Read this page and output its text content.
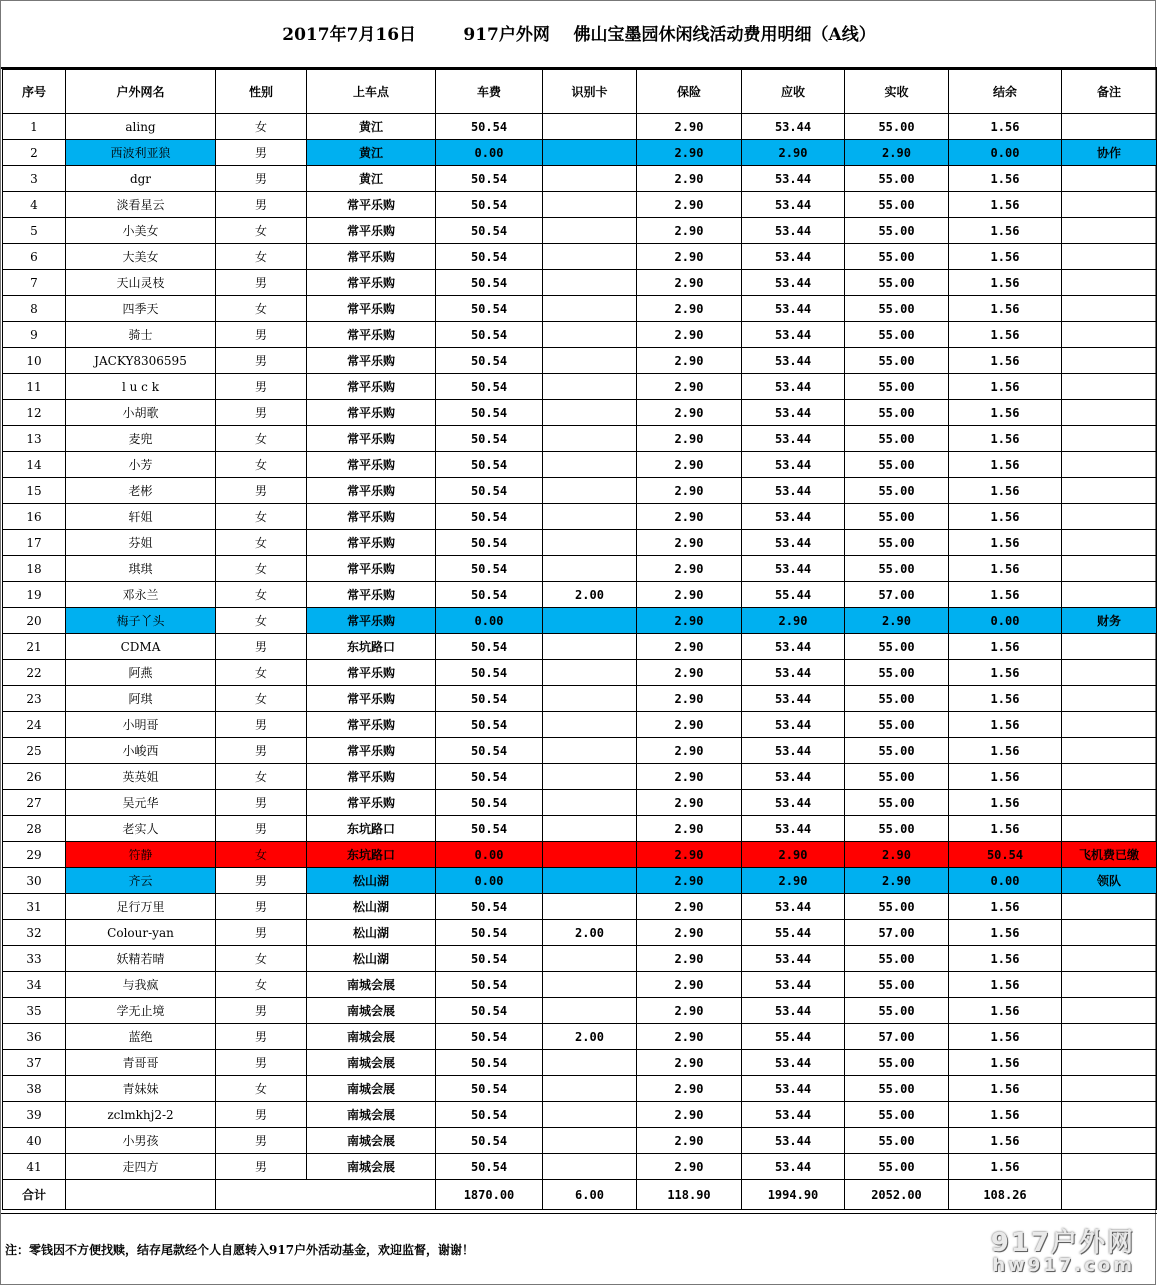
2017年7月16日        917户外网    佛山宝墨园休闲线活动费用明细（A线）
序号	户外网名	性别	上车点	车费	识别卡	保险	应收	实收	结余	备注
1	aling	女	黄江	50.54		2.90	53.44	55.00	1.56	
2	西波利亚狼	男	黄江	0.00		2.90	2.90	2.90	0.00	协作
3	dgr	男	黄江	50.54		2.90	53.44	55.00	1.56	
4	淡看星云	男	常平乐购	50.54		2.90	53.44	55.00	1.56	
5	小美女	女	常平乐购	50.54		2.90	53.44	55.00	1.56	
6	大美女	女	常平乐购	50.54		2.90	53.44	55.00	1.56	
7	天山灵枝	男	常平乐购	50.54		2.90	53.44	55.00	1.56	
8	四季天	女	常平乐购	50.54		2.90	53.44	55.00	1.56	
9	骑士	男	常平乐购	50.54		2.90	53.44	55.00	1.56	
10	JACKY8306595	男	常平乐购	50.54		2.90	53.44	55.00	1.56	
11	l u c k	男	常平乐购	50.54		2.90	53.44	55.00	1.56	
12	小胡歌	男	常平乐购	50.54		2.90	53.44	55.00	1.56	
13	麦兜	女	常平乐购	50.54		2.90	53.44	55.00	1.56	
14	小芳	女	常平乐购	50.54		2.90	53.44	55.00	1.56	
15	老彬	男	常平乐购	50.54		2.90	53.44	55.00	1.56	
16	轩姐	女	常平乐购	50.54		2.90	53.44	55.00	1.56	
17	芬姐	女	常平乐购	50.54		2.90	53.44	55.00	1.56	
18	琪琪	女	常平乐购	50.54		2.90	53.44	55.00	1.56	
19	邓永兰	女	常平乐购	50.54	2.00	2.90	55.44	57.00	1.56	
20	梅子丫头	女	常平乐购	0.00		2.90	2.90	2.90	0.00	财务
21	CDMA	男	东坑路口	50.54		2.90	53.44	55.00	1.56	
22	阿燕	女	常平乐购	50.54		2.90	53.44	55.00	1.56	
23	阿琪	女	常平乐购	50.54		2.90	53.44	55.00	1.56	
24	小明哥	男	常平乐购	50.54		2.90	53.44	55.00	1.56	
25	小峻西	男	常平乐购	50.54		2.90	53.44	55.00	1.56	
26	英英姐	女	常平乐购	50.54		2.90	53.44	55.00	1.56	
27	吴元华	男	常平乐购	50.54		2.90	53.44	55.00	1.56	
28	老实人	男	东坑路口	50.54		2.90	53.44	55.00	1.56	
29	符静	女	东坑路口	0.00		2.90	2.90	2.90	50.54	飞机费已缴
30	齐云	男	松山湖	0.00		2.90	2.90	2.90	0.00	领队
31	足行万里	男	松山湖	50.54		2.90	53.44	55.00	1.56	
32	Colour-yan	男	松山湖	50.54	2.00	2.90	55.44	57.00	1.56	
33	妖精若晴	女	松山湖	50.54		2.90	53.44	55.00	1.56	
34	与我疯	女	南城会展	50.54		2.90	53.44	55.00	1.56	
35	学无止境	男	南城会展	50.54		2.90	53.44	55.00	1.56	
36	蓝绝	男	南城会展	50.54	2.00	2.90	55.44	57.00	1.56	
37	青哥哥	男	南城会展	50.54		2.90	53.44	55.00	1.56	
38	青妹妹	女	南城会展	50.54		2.90	53.44	55.00	1.56	
39	zclmkhj2-2	男	南城会展	50.54		2.90	53.44	55.00	1.56	
40	小男孩	男	南城会展	50.54		2.90	53.44	55.00	1.56	
41	走四方	男	南城会展	50.54		2.90	53.44	55.00	1.56	
合计				1870.00	6.00	118.90	1994.90	2052.00	108.26	
注：零钱因不方便找赎，结存尾款经个人自愿转入917户外活动基金，欢迎监督，谢谢！	917户外网
hw917.com
